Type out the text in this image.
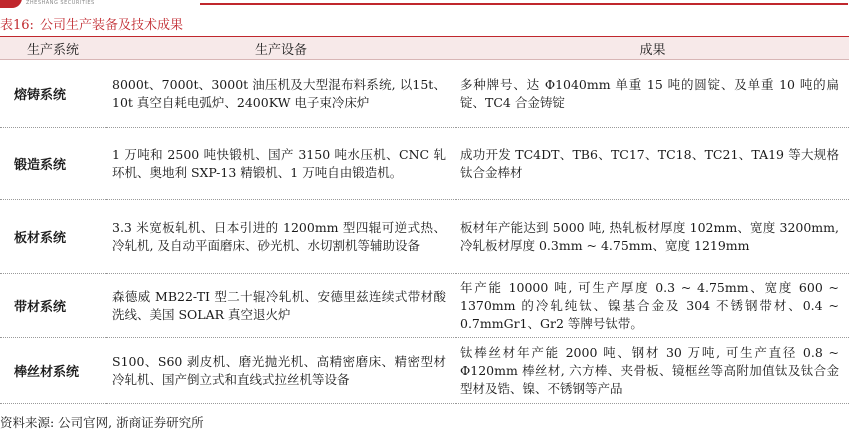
ZHESHANG SECURITIES
表16: 公司生产装备及技术成果
生产系统	生产设备	成果
熔铸系统	8000t、7000t、3000t 油压机及大型混布料系统, 以15t、10t 真空自耗电弧炉、2400KW 电子束冷床炉	多种牌号、达 Φ1040mm 单重 15 吨的圆锭、及单重 10 吨的扁锭、TC4 合金铸锭
锻造系统	1 万吨和 2500 吨快锻机、国产 3150 吨水压机、CNC 轧环机、奥地利 SXP-13 精锻机、1 万吨自由锻造机。	成功开发 TC4DT、TB6、TC17、TC18、TC21、TA19 等大规格钛合金棒材
板材系统	3.3 米宽板轧机、日本引进的 1200mm 型四辊可逆式热、冷轧机, 及自动平面磨床、砂光机、水切割机等辅助设备	板材年产能达到 5000 吨, 热轧板材厚度 102mm、宽度 3200mm, 冷轧板材厚度 0.3mm ~ 4.75mm、宽度 1219mm
带材系统	森德威 MB22-TI 型二十辊冷轧机、安德里兹连续式带材酸洗线、美国 SOLAR 真空退火炉	年产能 10000 吨, 可生产厚度 0.3 ~ 4.75mm、宽度 600 ~ 1370mm 的冷轧纯钛、镍基合金及 304 不锈钢带材、0.4 ~ 0.7mmGr1、Gr2 等牌号钛带。
棒丝材系统	S100、S60 剥皮机、磨光抛光机、高精密磨床、精密型材冷轧机、国产倒立式和直线式拉丝机等设备	钛棒丝材年产能 2000 吨、钢材 30 万吨, 可生产直径 0.8 ~ Φ120mm 棒丝材, 六方棒、夹骨板、镜框丝等高附加值钛及钛合金型材及锆、镍、不锈钢等产品
资料来源: 公司官网, 浙商证券研究所
